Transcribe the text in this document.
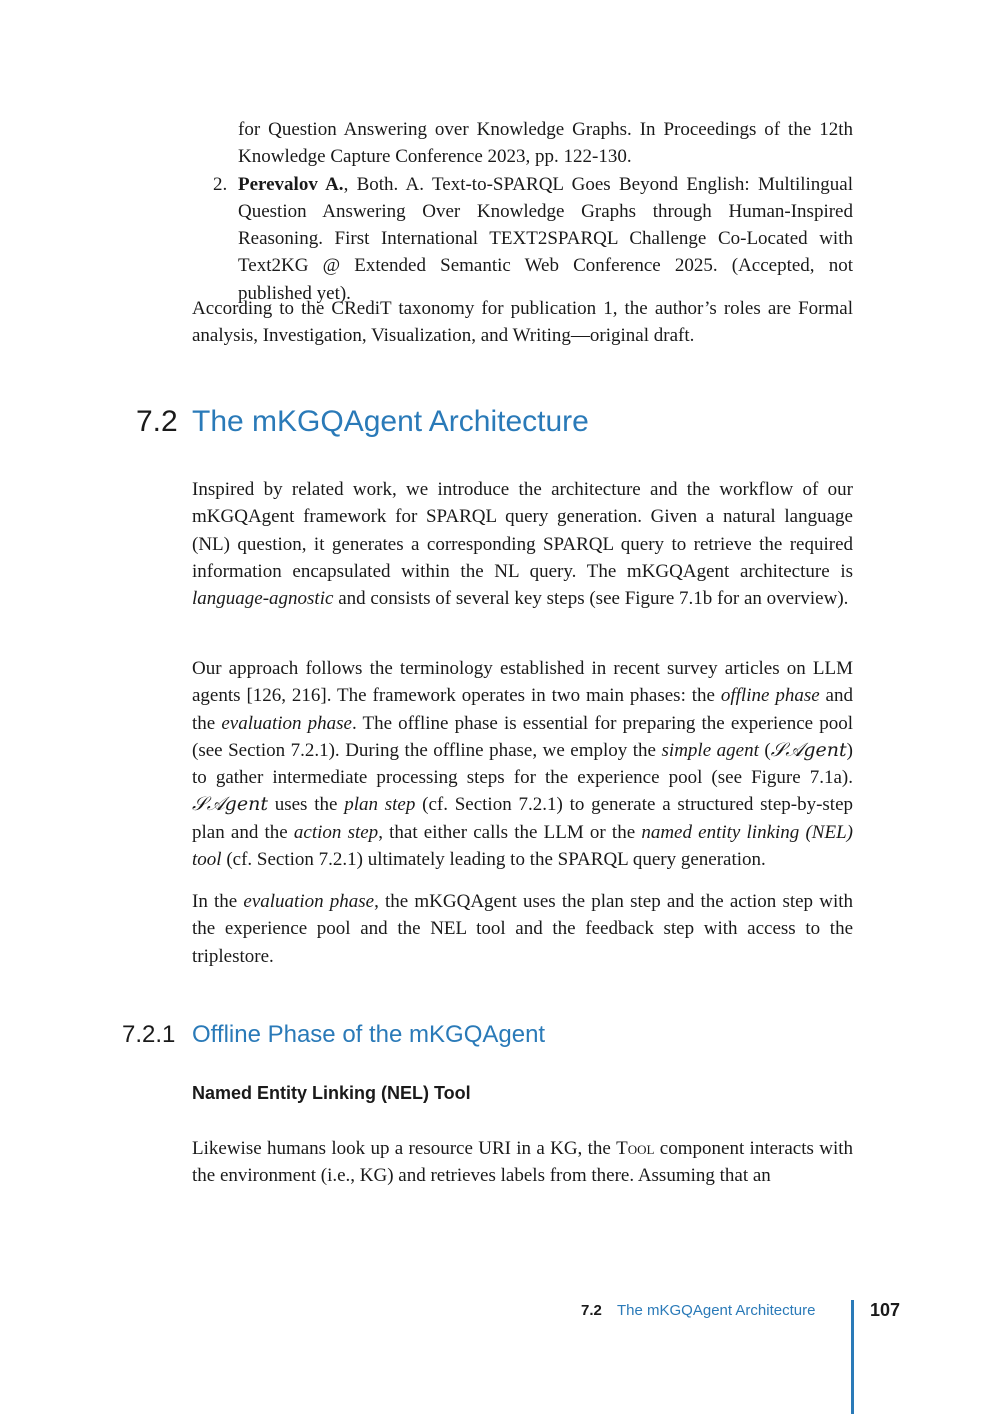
for Question Answering over Knowledge Graphs. In Proceedings of the 12th Knowledge Capture Conference 2023, pp. 122-130.

2. Perevalov A., Both. A. Text-to-SPARQL Goes Beyond English: Multilingual Question Answering Over Knowledge Graphs through Human-Inspired Reasoning. First International TEXT2SPARQL Challenge Co-Located with Text2KG @ Extended Semantic Web Conference 2025. (Accepted, not published yet).

According to the CRediT taxonomy for publication 1, the author’s roles are Formal analysis, Investigation, Visualization, and Writing—original draft.

7.2 The mKGQAgent Architecture

Inspired by related work, we introduce the architecture and the workflow of our mKGQAgent framework for SPARQL query generation. Given a natural language (NL) question, it generates a corresponding SPARQL query to retrieve the required information encapsulated within the NL query. The mKGQAgent architecture is language-agnostic and consists of several key steps (see Figure 7.1b for an overview).

Our approach follows the terminology established in recent survey articles on LLM agents [126, 216]. The framework operates in two main phases: the offline phase and the evaluation phase. The offline phase is essential for preparing the experience pool (see Section 7.2.1). During the offline phase, we employ the simple agent (𝒮𝒜gent) to gather intermediate processing steps for the experience pool (see Figure 7.1a). 𝒮𝒜gent uses the plan step (cf. Section 7.2.1) to generate a structured step-by-step plan and the action step, that either calls the LLM or the named entity linking (NEL) tool (cf. Section 7.2.1) ultimately leading to the SPARQL query generation.

In the evaluation phase, the mKGQAgent uses the plan step and the action step with the experience pool and the NEL tool and the feedback step with access to the triplestore.

7.2.1 Offline Phase of the mKGQAgent
Named Entity Linking (NEL) Tool

Likewise humans look up a resource URI in a KG, the Tool component interacts with the environment (i.e., KG) and retrieves labels from there. Assuming that an

7.2 The mKGQAgent Architecture	107
